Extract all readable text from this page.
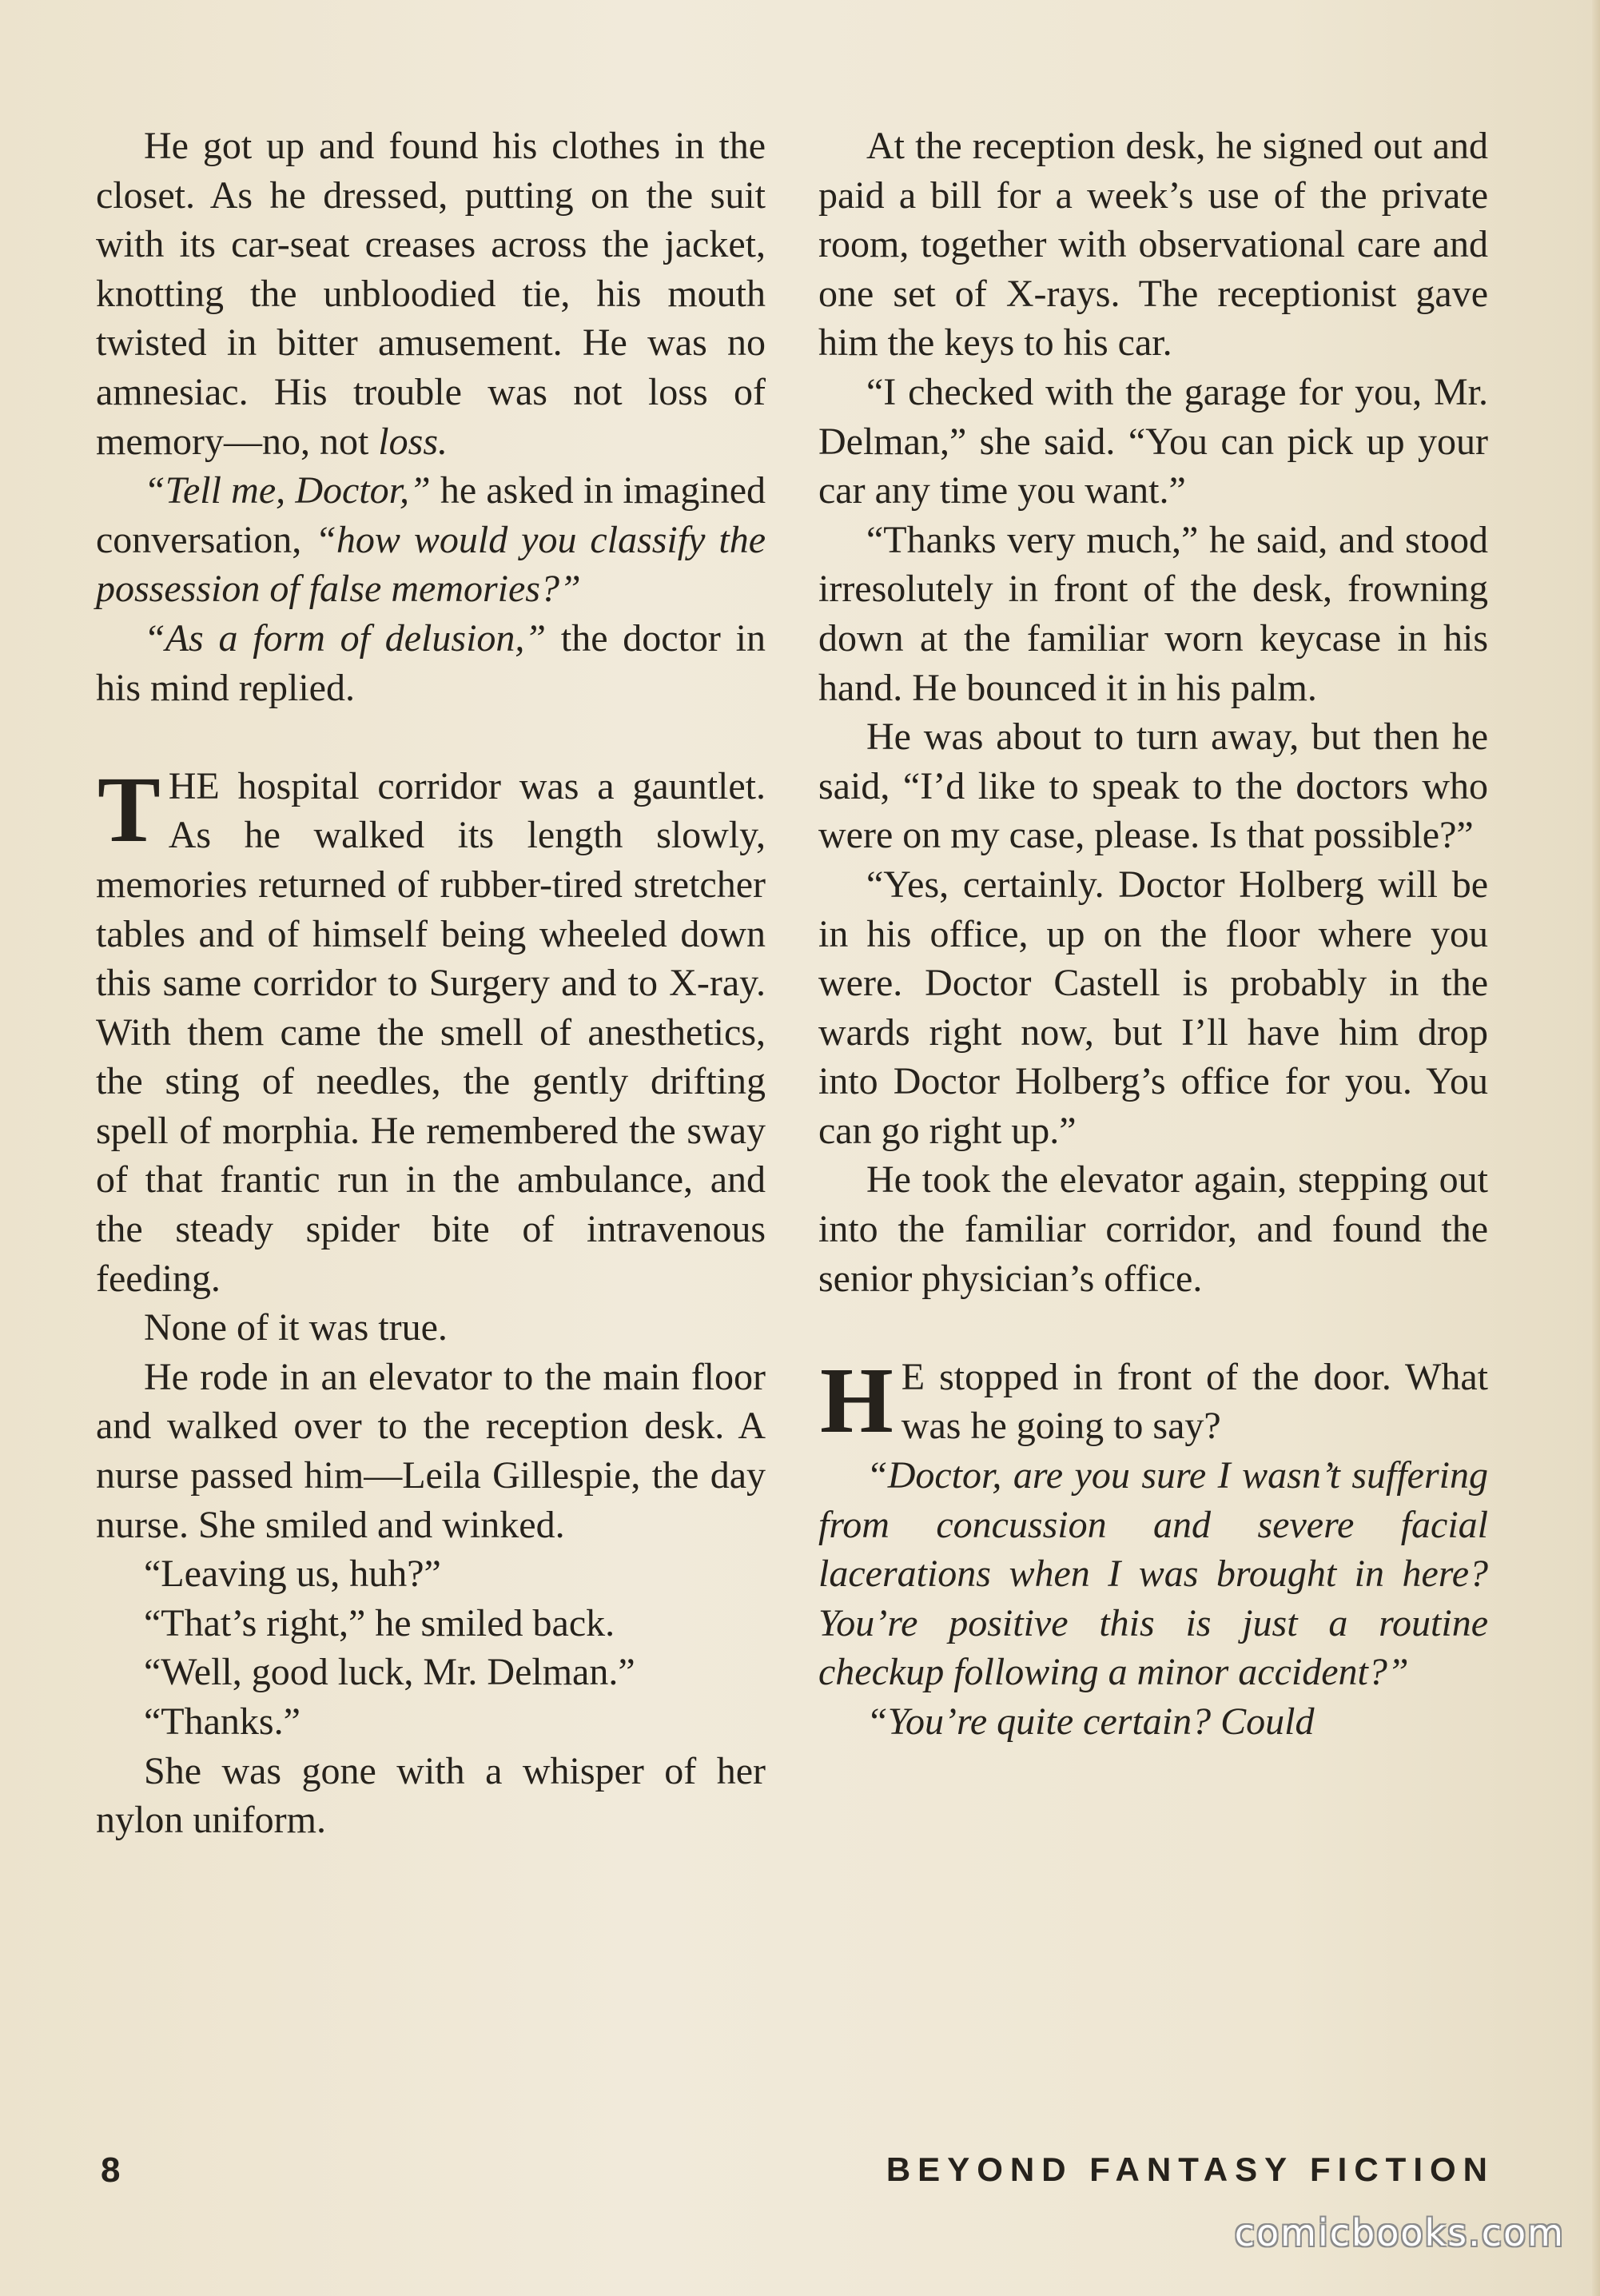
He got up and found his clothes in the closet. As he dressed, putting on the suit with its car-seat creases across the jacket, knotting the unbloodied tie, his mouth twisted in bitter amusement. He was no amnesiac. His trouble was not loss of memory—no, not loss.

“Tell me, Doctor,” he asked in imagined conversation, “how would you classify the possession of false memories?”

“As a form of delusion,” the doctor in his mind replied.

THE hospital corridor was a gauntlet. As he walked its length slowly, memories returned of rubber-tired stretcher tables and of himself being wheeled down this same corridor to Surgery and to X-ray. With them came the smell of anesthetics, the sting of needles, the gently drifting spell of morphia. He remembered the sway of that frantic run in the ambulance, and the steady spider bite of intravenous feeding.

None of it was true.

He rode in an elevator to the main floor and walked over to the reception desk. A nurse passed him—Leila Gillespie, the day nurse. She smiled and winked.

“Leaving us, huh?”

“That’s right,” he smiled back.

“Well, good luck, Mr. Delman.”

“Thanks.”

She was gone with a whisper of her nylon uniform.

At the reception desk, he signed out and paid a bill for a week’s use of the private room, together with observational care and one set of X-rays. The receptionist gave him the keys to his car.

“I checked with the garage for you, Mr. Delman,” she said. “You can pick up your car any time you want.”

“Thanks very much,” he said, and stood irresolutely in front of the desk, frowning down at the familiar worn keycase in his hand. He bounced it in his palm.

He was about to turn away, but then he said, “I’d like to speak to the doctors who were on my case, please. Is that possible?”

“Yes, certainly. Doctor Holberg will be in his office, up on the floor where you were. Doctor Castell is probably in the wards right now, but I’ll have him drop into Doctor Holberg’s office for you. You can go right up.”

He took the elevator again, stepping out into the familiar corridor, and found the senior physician’s office.

H E stopped in front of the door. What was he going to say?

“Doctor, are you sure I wasn’t suffering from concussion and severe facial lacerations when I was brought in here? You’re positive this is just a routine checkup following a minor accident?”

“You’re quite certain? Could

8	BEYOND FANTASY FICTION
comicbooks.com
